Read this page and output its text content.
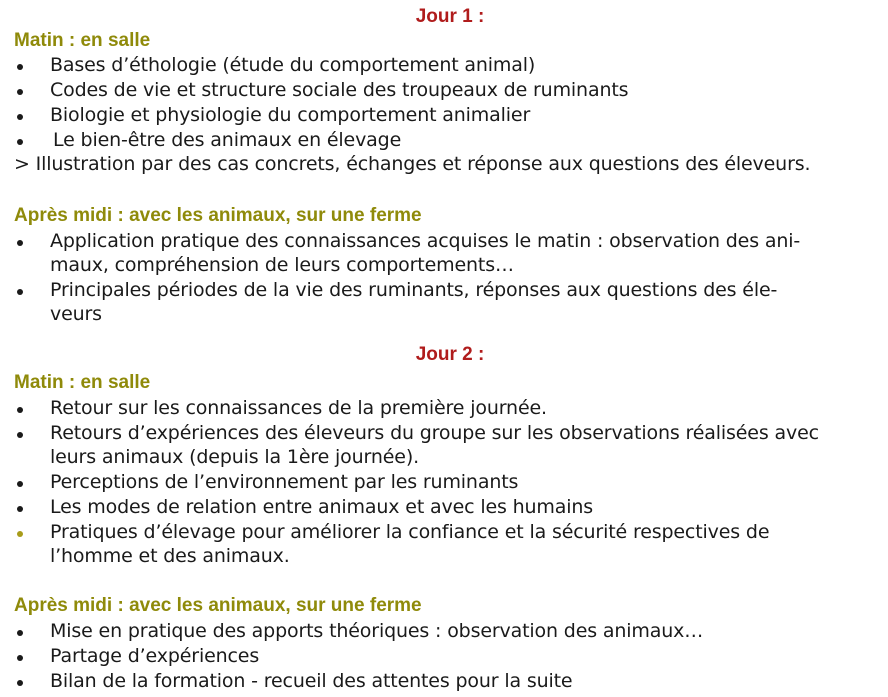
Jour 1 :
Matin : en salle
Bases d’éthologie (étude du comportement animal)
Codes de vie et structure sociale des troupeaux de ruminants
Biologie et physiologie du comportement animalier
Le bien-être des animaux en élevage
> Illustration par des cas concrets, échanges et réponse aux questions des éleveurs.
Après midi : avec les animaux, sur une ferme
Application pratique des connaissances acquises le matin : observation des ani-
maux, compréhension de leurs comportements…
Principales périodes de la vie des ruminants, réponses aux questions des éle-
veurs
Jour 2 :
Matin : en salle
Retour sur les connaissances de la première journée.
Retours d’expériences des éleveurs du groupe sur les observations réalisées avec
leurs animaux (depuis la 1ère journée).
Perceptions de l’environnement par les ruminants
Les modes de relation entre animaux et avec les humains
Pratiques d’élevage pour améliorer la confiance et la sécurité respectives de
l’homme et des animaux.
Après midi : avec les animaux, sur une ferme
Mise en pratique des apports théoriques : observation des animaux…
Partage d’expériences
Bilan de la formation - recueil des attentes pour la suite
